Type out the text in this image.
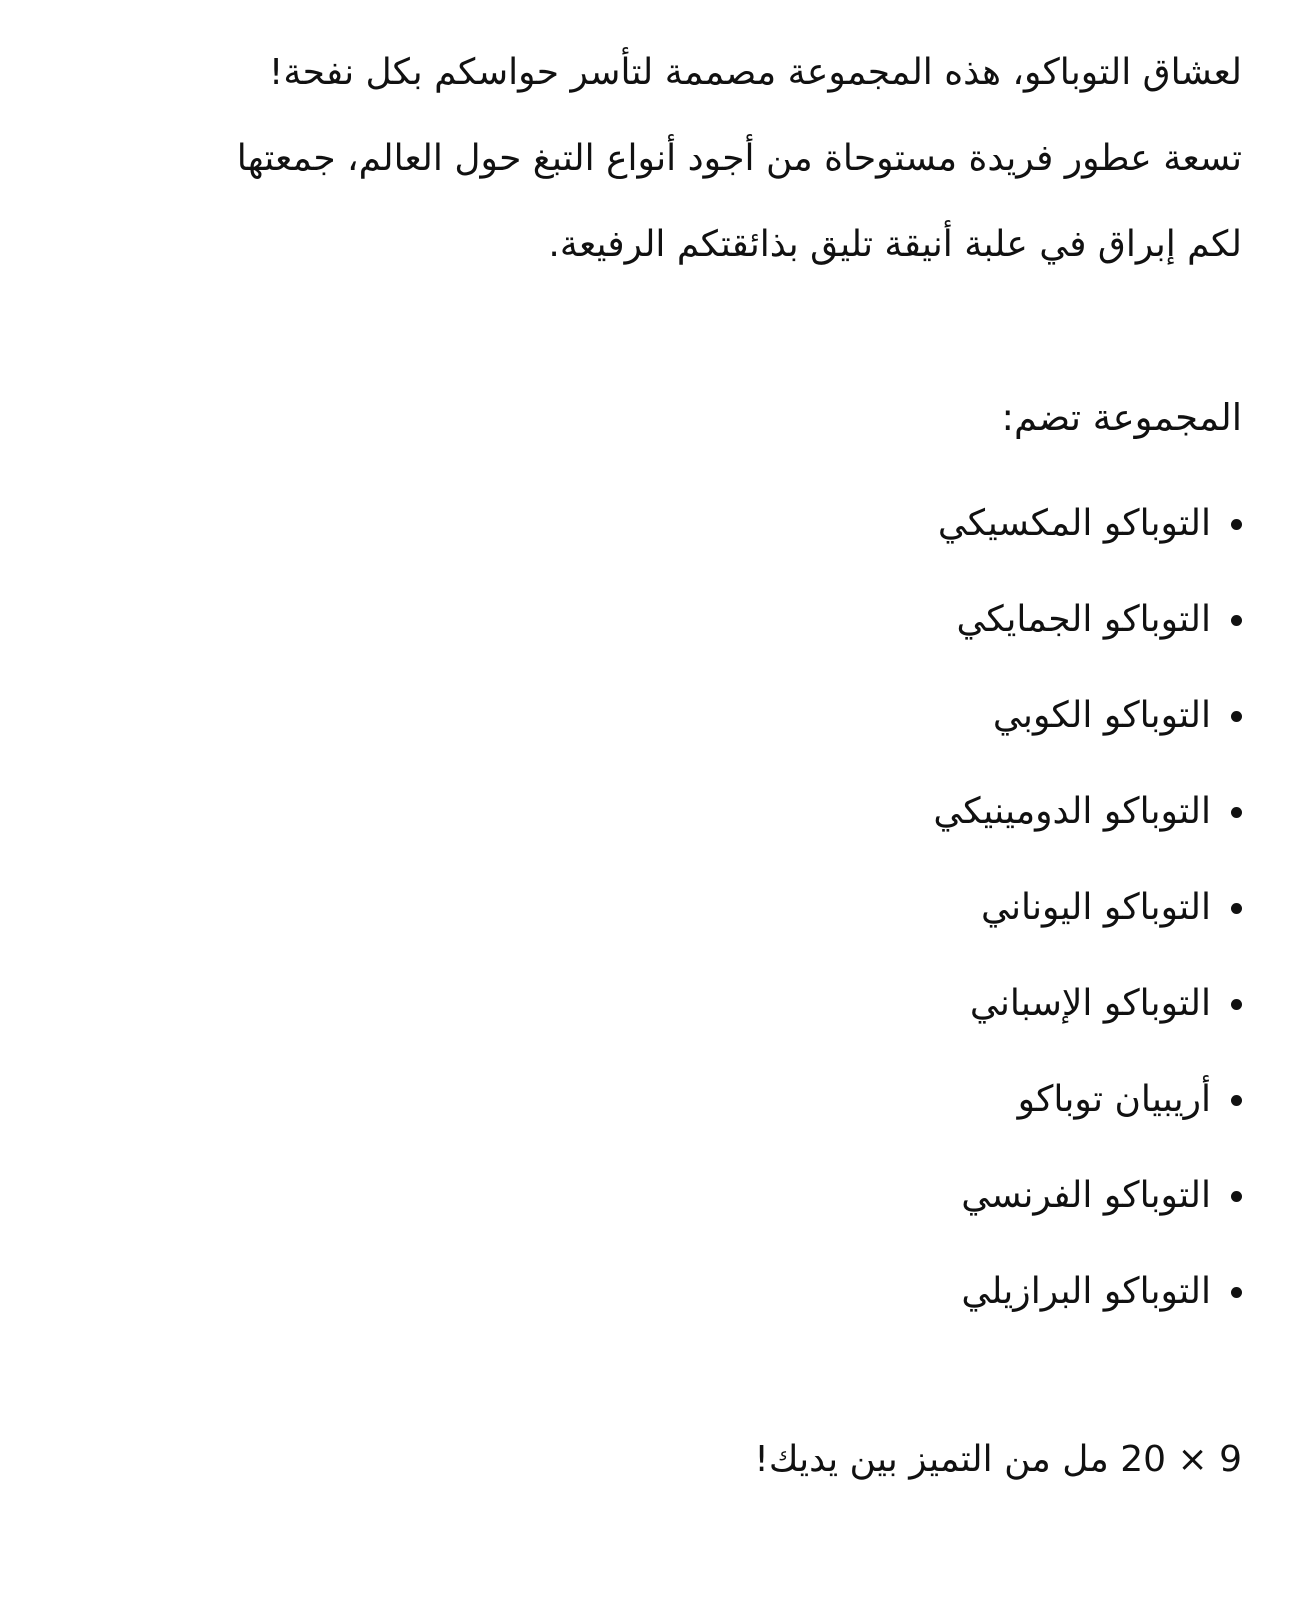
لعشاق التوباكو، هذه المجموعة مصممة لتأسر حواسكم بكل نفحة!
تسعة عطور فريدة مستوحاة من أجود أنواع التبغ حول العالم، جمعتها
لكم إبراق في علبة أنيقة تليق بذائقتكم الرفيعة.

المجموعة تضم:
التوباكو المكسيكي
التوباكو الجمايكي
التوباكو الكوبي
التوباكو الدومينيكي
التوباكو اليوناني
التوباكو الإسباني
أريبيان توباكو
التوباكو الفرنسي
التوباكو البرازيلي

9 × 20 مل من التميز بين يديك!
